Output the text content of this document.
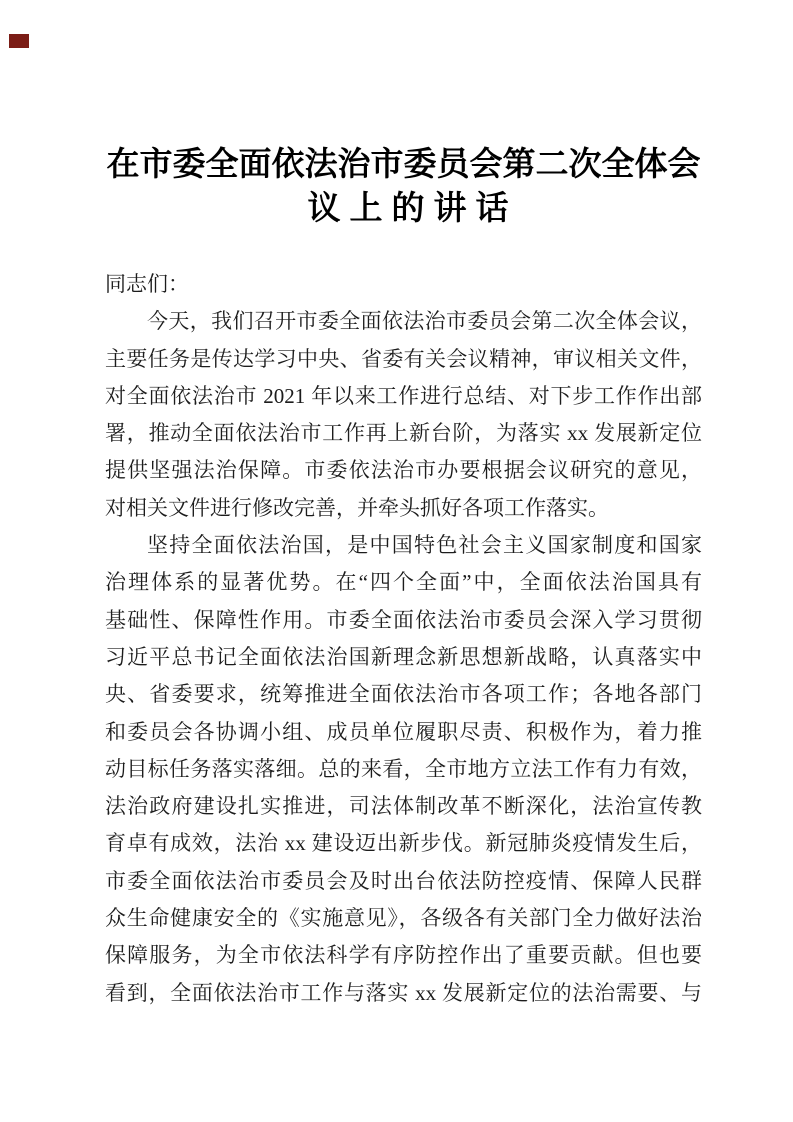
在市委全面依法治市委员会第二次全体会
议上的讲话
同志们：
今天，我们召开市委全面依法治市委员会第二次全体会议，
主要任务是传达学习中央、省委有关会议精神，审议相关文件，
对全面依法治市 2021 年以来工作进行总结、对下步工作作出部
署，推动全面依法治市工作再上新台阶，为落实 xx 发展新定位
提供坚强法治保障。市委依法治市办要根据会议研究的意见，
对相关文件进行修改完善，并牵头抓好各项工作落实。
坚持全面依法治国，是中国特色社会主义国家制度和国家
治理体系的显著优势。在“四个全面”中，全面依法治国具有
基础性、保障性作用。市委全面依法治市委员会深入学习贯彻
习近平总书记全面依法治国新理念新思想新战略，认真落实中
央、省委要求，统筹推进全面依法治市各项工作；各地各部门
和委员会各协调小组、成员单位履职尽责、积极作为，着力推
动目标任务落实落细。总的来看，全市地方立法工作有力有效，
法治政府建设扎实推进，司法体制改革不断深化，法治宣传教
育卓有成效，法治 xx 建设迈出新步伐。新冠肺炎疫情发生后，
市委全面依法治市委员会及时出台依法防控疫情、保障人民群
众生命健康安全的《实施意见》，各级各有关部门全力做好法治
保障服务，为全市依法科学有序防控作出了重要贡献。但也要
看到，全面依法治市工作与落实 xx 发展新定位的法治需要、与
